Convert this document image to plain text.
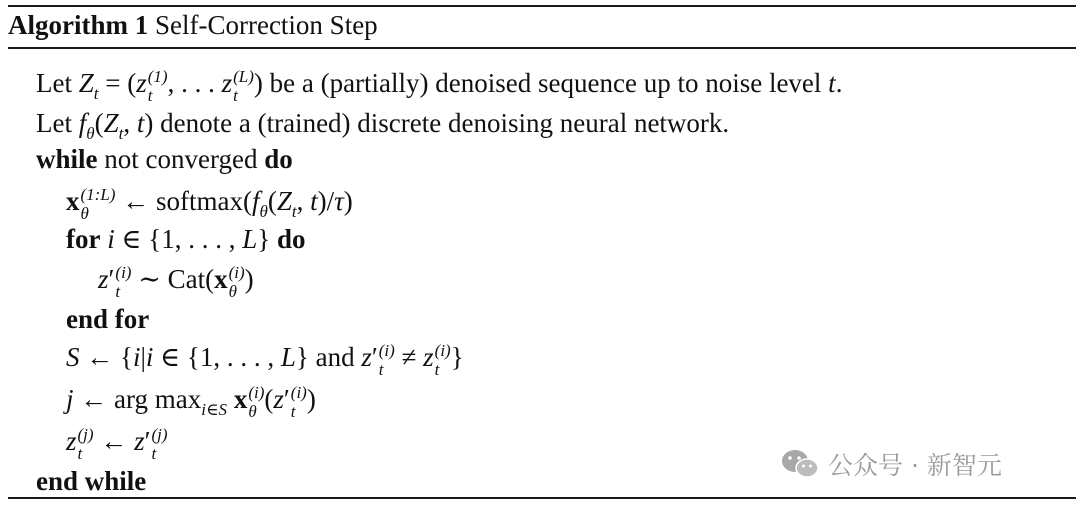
Algorithm 1 Self-Correction Step
Let $Z_t = (z$ (1)
t , . . . z (L)
t ) be a (partially) denoised sequence up to noise level t.
Let $f_\theta(Z_t$, t) denote a (trained) discrete denoising neural network.
while not converged do
x (1:L)
θ ← $softmax(f_\theta(Z_t$, t)/τ)
for i ∈ {1, . . . , L} do
z′ (i)
t ∼ Cat(x (i)
θ )
end for
S ← {i|i ∈ {1, . . . , L} and z′ (i)
t ≠ z (i)
t }
j ← arg $\max_{i\in S} x$ (i)
θ (z′ (i)
t )
z (j)
t ← z′ (j)
t
end while
公众号 · 新智元
